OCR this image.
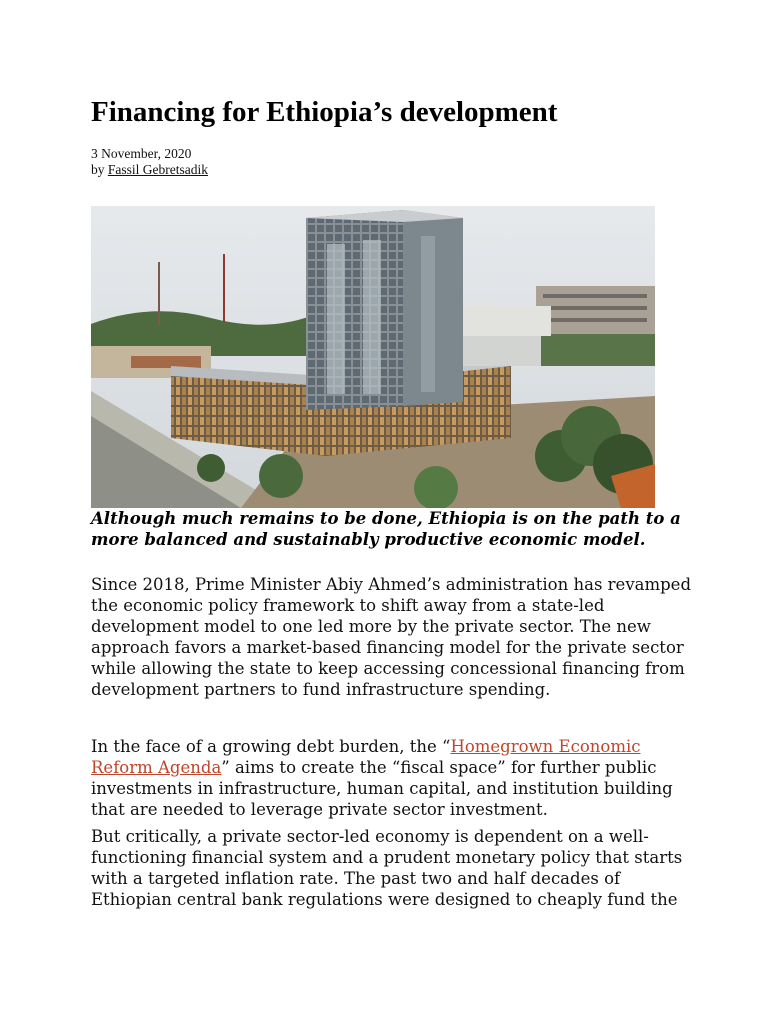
Financing for Ethiopia’s development
3 November, 2020
by Fassil Gebretsadik

Although much remains to be done, Ethiopia is on the path to a more balanced and sustainably productive economic model.

Since 2018, Prime Minister Abiy Ahmed’s administration has revamped the economic policy framework to shift away from a state-led development model to one led more by the private sector. The new approach favors a market-based financing model for the private sector while allowing the state to keep accessing concessional financing from development partners to fund infrastructure spending.

In the face of a growing debt burden, the “Homegrown Economic Reform Agenda” aims to create the “fiscal space” for further public investments in infrastructure, human capital, and institution building that are needed to leverage private sector investment.

But critically, a private sector-led economy is dependent on a well-functioning financial system and a prudent monetary policy that starts with a targeted inflation rate. The past two and half decades of Ethiopian central bank regulations were designed to cheaply fund the
